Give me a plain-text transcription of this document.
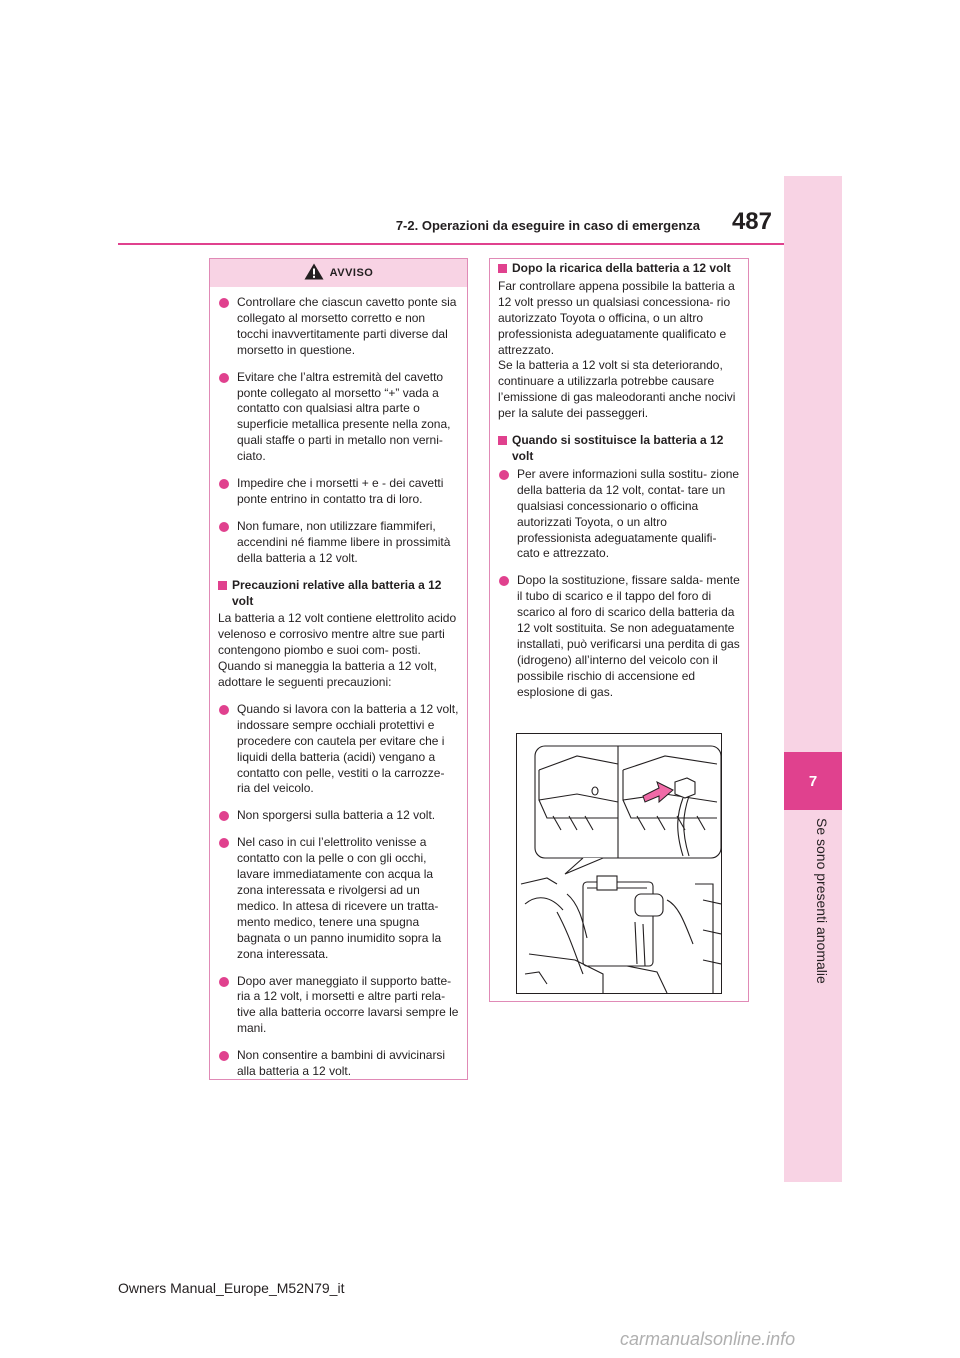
7
Se sono presenti anomalie
7-2. Operazioni da eseguire in caso di emergenza	487
AVVISO

Controllare che ciascun cavetto ponte sia collegato al morsetto corretto e non tocchi inavvertitamente parti diverse dal morsetto in questione.

Evitare che l’altra estremità del cavetto ponte collegato al morsetto “+” vada a contatto con qualsiasi altra parte o superficie metallica presente nella zona, quali staffe o parti in metallo non verni- ciato.

Impedire che i morsetti + e - dei cavetti ponte entrino in contatto tra di loro.

Non fumare, non utilizzare fiammiferi, accendini né fiamme libere in prossimità della batteria a 12 volt.

Precauzioni relative alla batteria a 12 volt

La batteria a 12 volt contiene elettrolito acido velenoso e corrosivo mentre altre sue parti contengono piombo e suoi com- posti. Quando si maneggia la batteria a 12 volt, adottare le seguenti precauzioni:

Quando si lavora con la batteria a 12 volt, indossare sempre occhiali protettivi e procedere con cautela per evitare che i liquidi della batteria (acidi) vengano a contatto con pelle, vestiti o la carrozze- ria del veicolo.

Non sporgersi sulla batteria a 12 volt.

Nel caso in cui l’elettrolito venisse a contatto con la pelle o con gli occhi, lavare immediatamente con acqua la zona interessata e rivolgersi ad un medico. In attesa di ricevere un tratta- mento medico, tenere una spugna bagnata o un panno inumidito sopra la zona interessata.

Dopo aver maneggiato il supporto batte- ria a 12 volt, i morsetti e altre parti rela- tive alla batteria occorre lavarsi sempre le mani.

Non consentire a bambini di avvicinarsi alla batteria a 12 volt.

Dopo la ricarica della batteria a 12 volt

Far controllare appena possibile la batteria a 12 volt presso un qualsiasi concessiona- rio autorizzato Toyota o officina, o un altro professionista adeguatamente qualificato e attrezzato.

Se la batteria a 12 volt si sta deteriorando, continuare a utilizzarla potrebbe causare l’emissione di gas maleodoranti anche nocivi per la salute dei passeggeri.

Quando si sostituisce la batteria a 12 volt

Per avere informazioni sulla sostitu- zione della batteria da 12 volt, contat- tare un qualsiasi concessionario o officina autorizzati Toyota, o un altro professionista adeguatamente qualifi- cato e attrezzato.

Dopo la sostituzione, fissare salda- mente il tubo di scarico e il tappo del foro di scarico al foro di scarico della batteria da 12 volt sostituita. Se non adeguatamente installati, può verificarsi una perdita di gas (idrogeno) all’interno del veicolo con il possibile rischio di accensione ed esplosione di gas.

Owners Manual_Europe_M52N79_it
carmanualsonline.info
